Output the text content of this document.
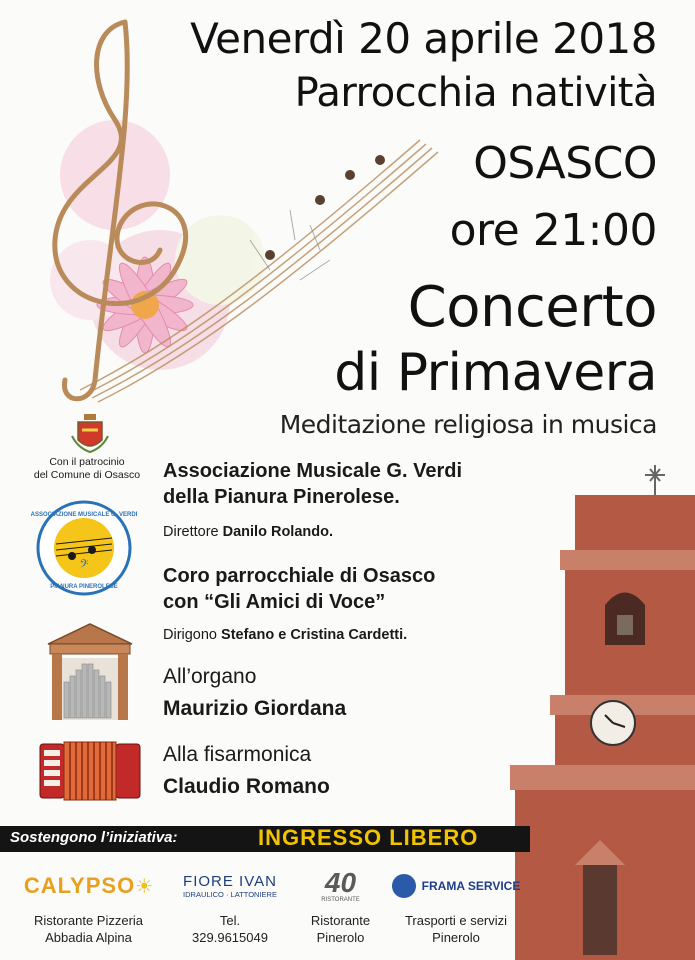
Venerdì 20 aprile 2018
Parrocchia natività
OSASCO
ore 21:00
Concerto
di Primavera
Meditazione religiosa in musica
Con il patrocinio
del Comune di Osasco
𝄢
ASSOCIAZIONE MUSICALE G. VERDI
PIANURA PINEROLESE
Associazione Musicale G. Verdi
della Pianura Pinerolese.
Direttore Danilo Rolando.
Coro parrocchiale di Osasco
con “Gli Amici di Voce”
Dirigono Stefano e Cristina Cardetti.
All’organo
Maurizio Giordana
Alla fisarmonica
Claudio Romano
Sostengono l’iniziativa:	INGRESSO LIBERO
CALYPSO ☀
Ristorante Pizzeria
Abbadia Alpina
FIORE IVAN
IDRAULICO · LATTONIERE
Tel.
329.9615049
40
RISTORANTE
Ristorante
Pinerolo
FRAMA SERVICE
Trasporti e servizi
Pinerolo
